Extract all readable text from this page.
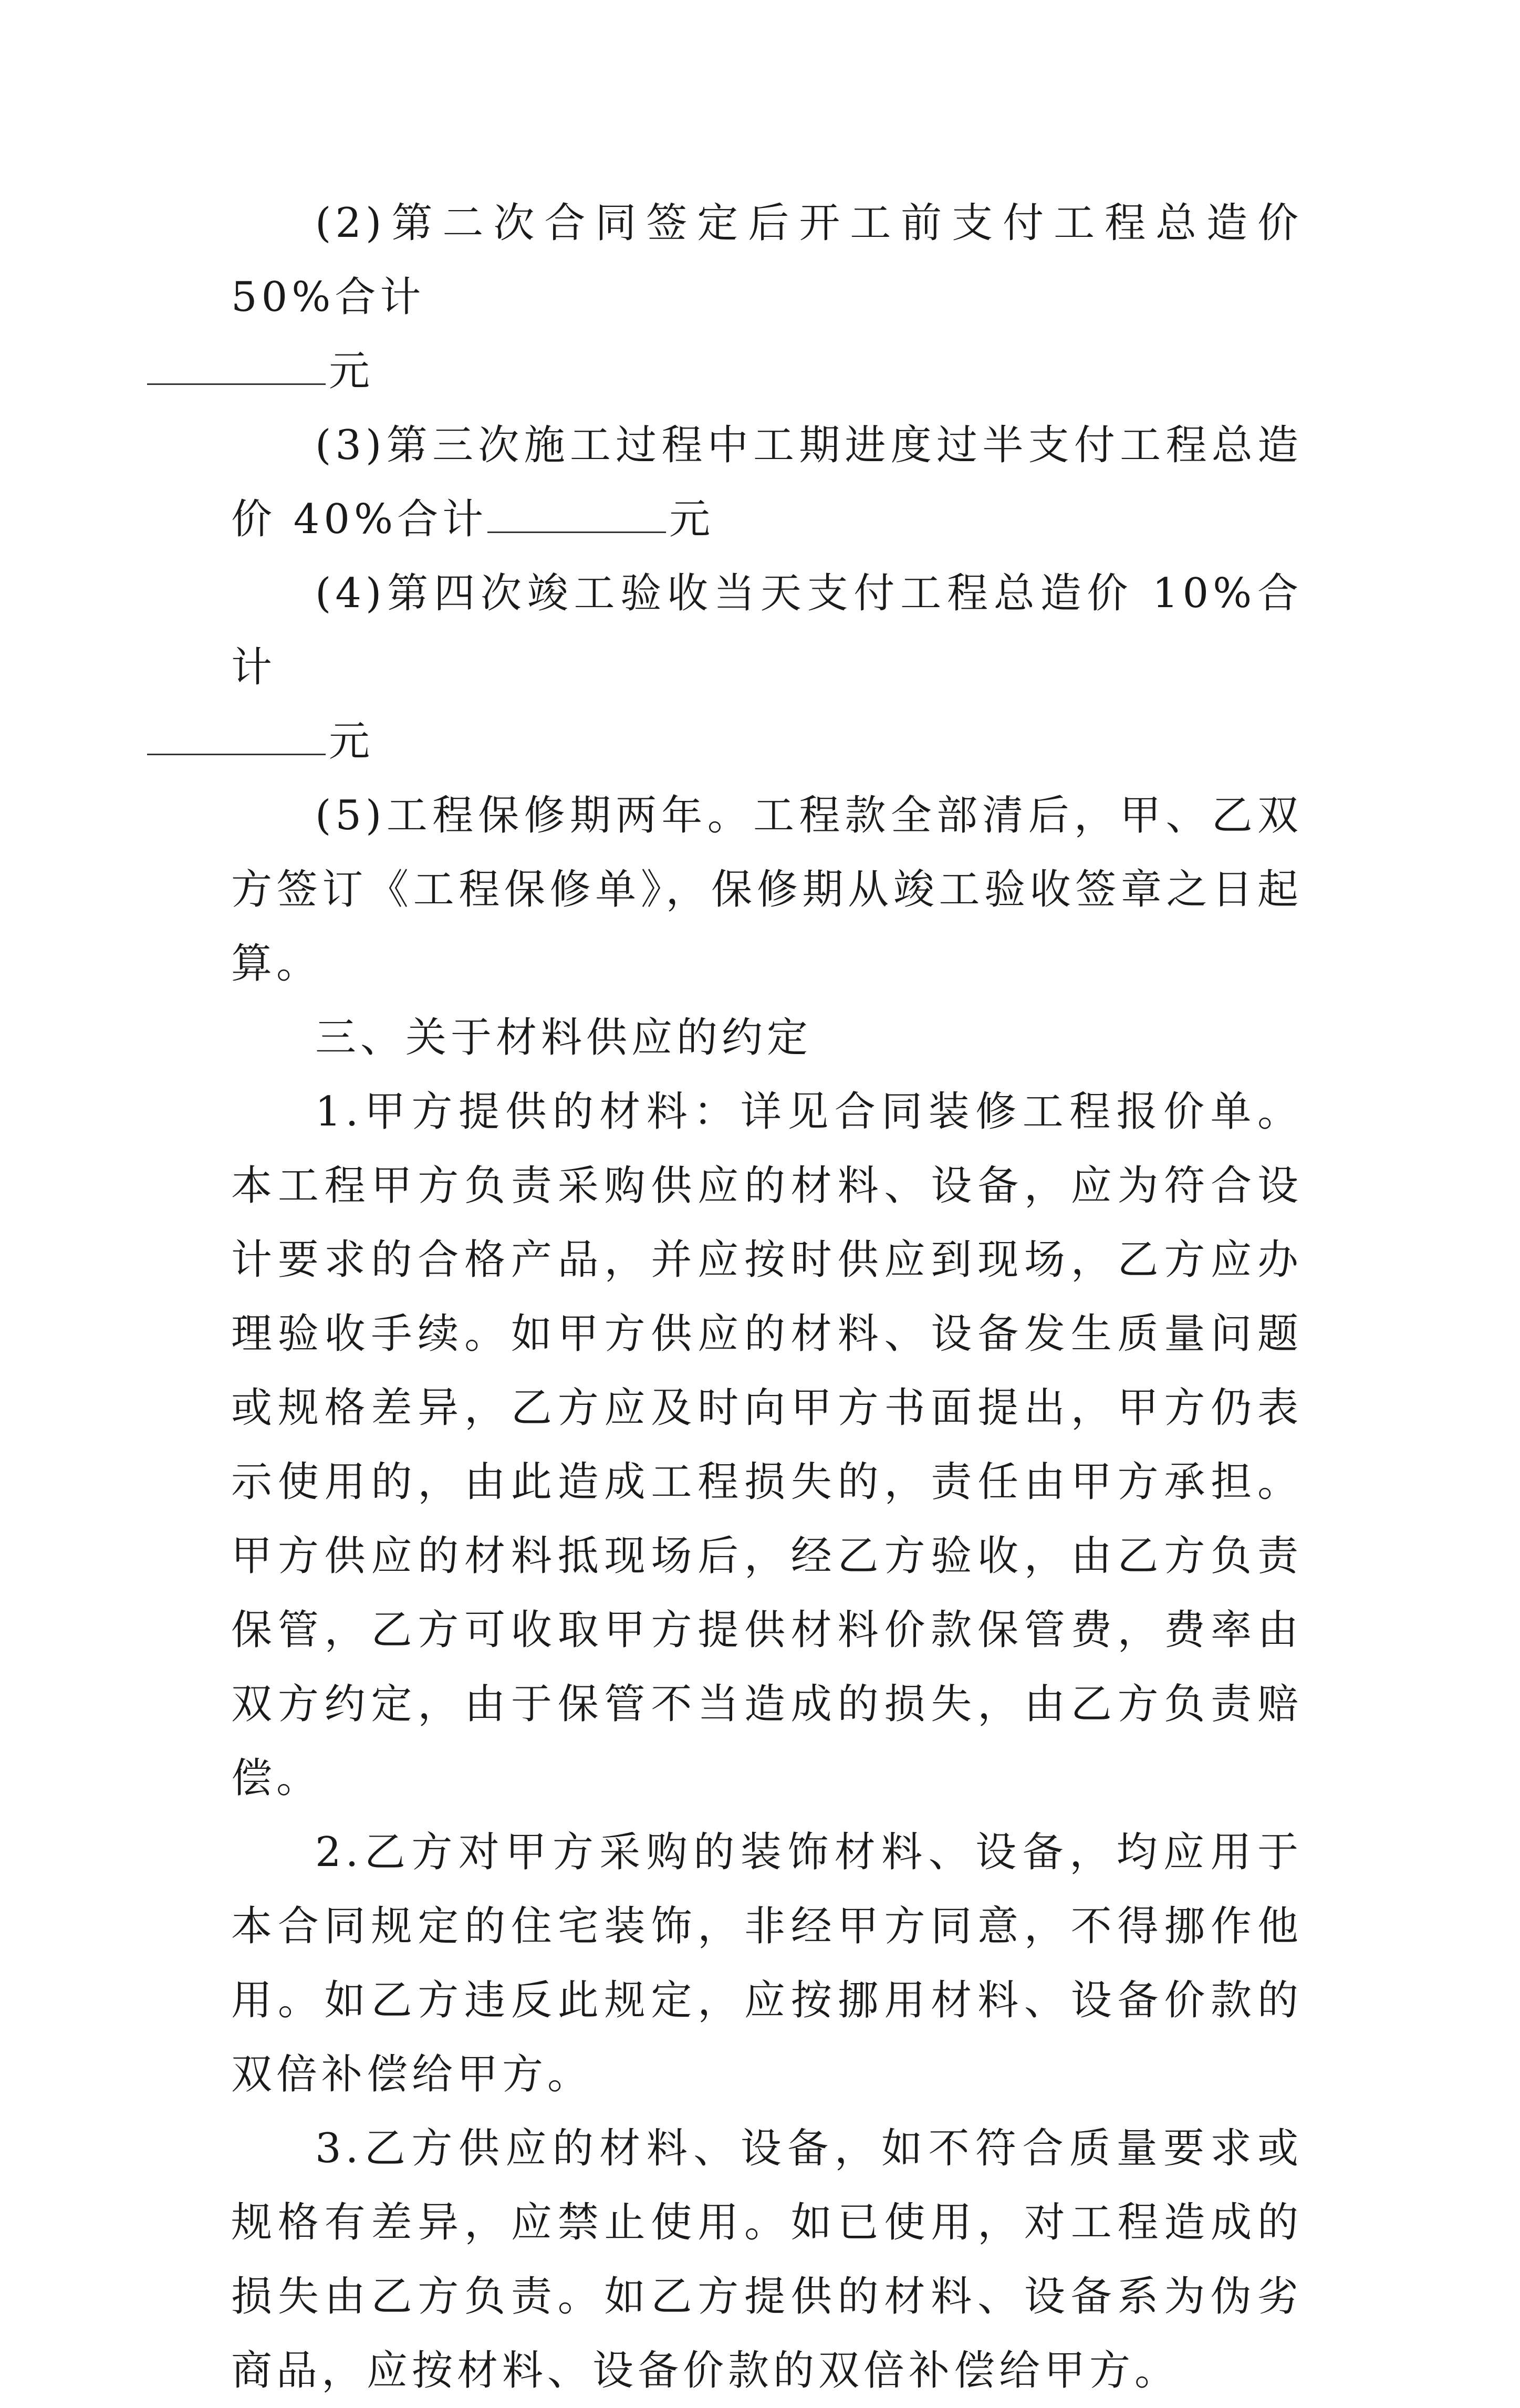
(2)第二次合同签定后开工前支付工程总造价 50%合计
元

(3)第三次施工过程中工期进度过半支付工程总造价 40%合计	元

(4)第四次竣工验收当天支付工程总造价 10%合计
元

(5)工程保修期两年。工程款全部清后，甲、乙双方签订《工程保修单》，保修期从竣工验收签章之日起算。

三、关于材料供应的约定

1.甲方提供的材料：详见合同装修工程报价单。本工程甲方负责采购供应的材料、设备，应为符合设计要求的合格产品，并应按时供应到现场，乙方应办理验收手续。如甲方供应的材料、设备发生质量问题或规格差异，乙方应及时向甲方书面提出，甲方仍表示使用的，由此造成工程损失的，责任由甲方承担。甲方供应的材料抵现场后，经乙方验收，由乙方负责保管，乙方可收取甲方提供材料价款保管费，费率由双方约定，由于保管不当造成的损失，由乙方负责赔偿。

2.乙方对甲方采购的装饰材料、设备，均应用于本合同规定的住宅装饰，非经甲方同意，不得挪作他用。如乙方违反此规定，应按挪用材料、设备价款的双倍补偿给甲方。

3.乙方供应的材料、设备，如不符合质量要求或规格有差异，应禁止使用。如已使用，对工程造成的损失由乙方负责。如乙方提供的材料、设备系为伪劣商品，应按材料、设备价款的双倍补偿给甲方。
